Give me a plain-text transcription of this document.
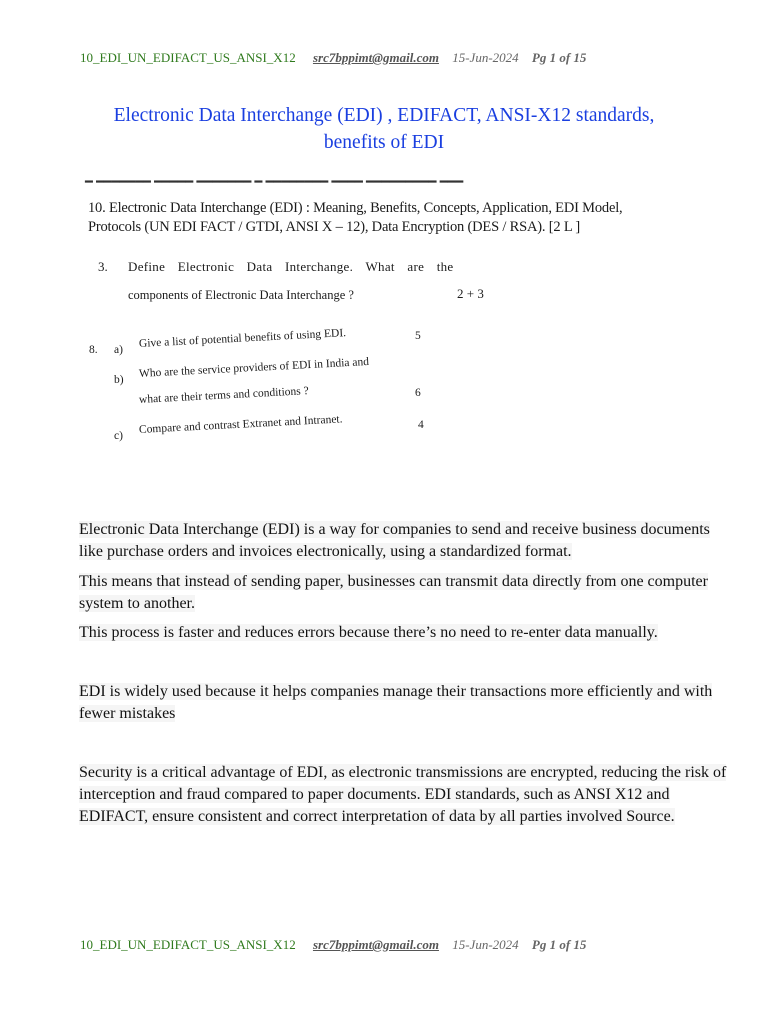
10_EDI_UN_EDIFACT_US_ANSI_X12 src7bppimt@gmail.com 15-Jun-2024 Pg 1 of 15
Electronic Data Interchange (EDI) , EDIFACT, ANSI-X12 standards, benefits of EDI
━ ━━━━━━━ ━━━━━ ━━━━━━━ ━ ━━━━━━━━ ━━━━ ━━━━━━━━━ ━━━
10. Electronic Data Interchange (EDI) : Meaning, Benefits, Concepts, Application, EDI Model,
Protocols (UN EDI FACT / GTDI, ANSI X – 12), Data Encryption (DES / RSA). [2 L ]
3. Define Electronic Data Interchange. What are the
components of Electronic Data Interchange ?	2 + 3
8. a)
Give a list of potential benefits of using EDI.	5
b)
Who are the service providers of EDI in India and
what are their terms and conditions ?	6
c)
Compare and contrast Extranet and Intranet.	4
Electronic Data Interchange (EDI) is a way for companies to send and receive business documents like purchase orders and invoices electronically, using a standardized format.
This means that instead of sending paper, businesses can transmit data directly from one computer system to another.
This process is faster and reduces errors because there’s no need to re-enter data manually.
EDI is widely used because it helps companies manage their transactions more efficiently and with fewer mistakes
Security is a critical advantage of EDI, as electronic transmissions are encrypted, reducing the risk of interception and fraud compared to paper documents. EDI standards, such as ANSI X12 and EDIFACT, ensure consistent and correct interpretation of data by all parties involved Source.
10_EDI_UN_EDIFACT_US_ANSI_X12 src7bppimt@gmail.com 15-Jun-2024 Pg 1 of 15
